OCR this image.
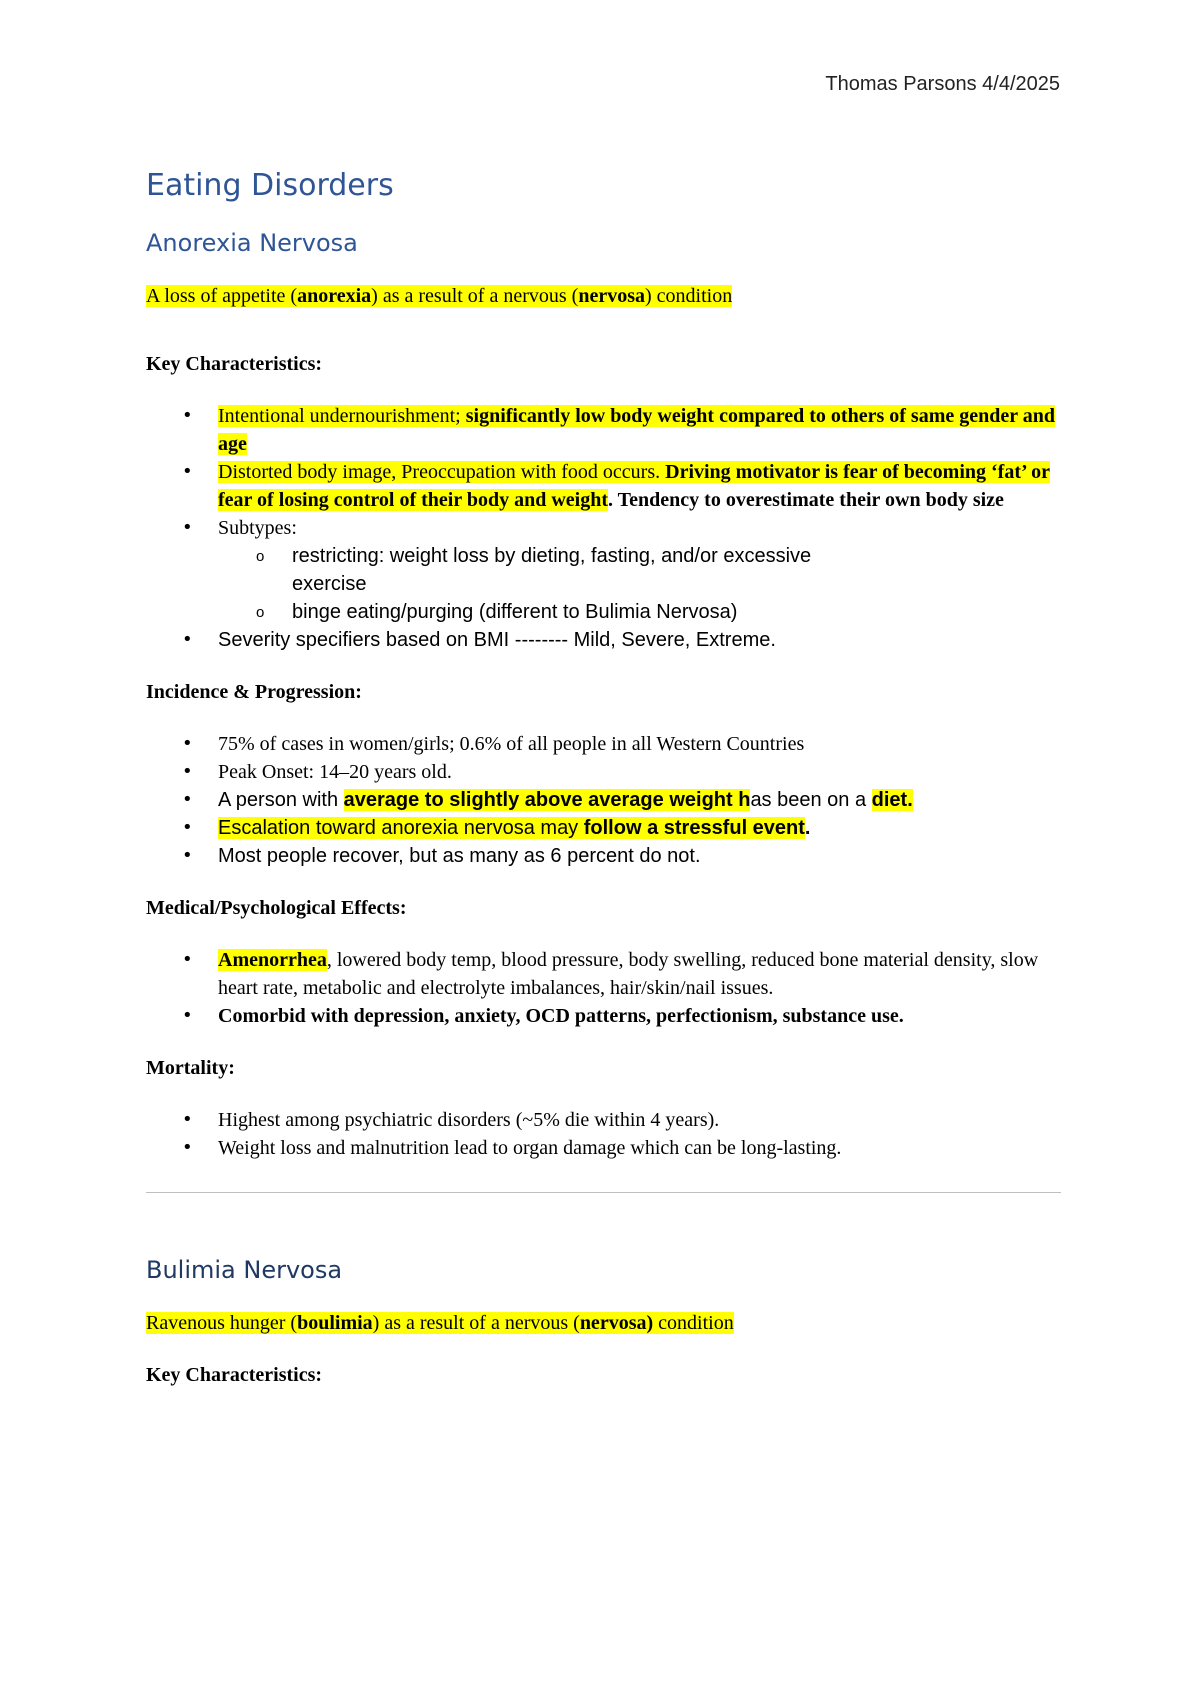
Thomas Parsons 4/4/2025
Eating Disorders
Anorexia Nervosa

A loss of appetite (anorexia) as a result of a nervous (nervosa) condition

Key Characteristics:

• Intentional undernourishment; significantly low body weight compared to others of same gender and age
• Distorted body image, Preoccupation with food occurs. Driving motivator is fear of becoming ‘fat’ or fear of losing control of their body and weight. Tendency to overestimate their own body size
• Subtypes:
o restricting: weight loss by dieting, fasting, and/or excessive exercise
o binge eating/purging (different to Bulimia Nervosa)
• Severity specifiers based on BMI -------- Mild, Severe, Extreme.

Incidence & Progression:

• 75% of cases in women/girls; 0.6% of all people in all Western Countries
• Peak Onset: 14–20 years old.
• A person with average to slightly above average weight has been on a diet.
• Escalation toward anorexia nervosa may follow a stressful event.
• Most people recover, but as many as 6 percent do not.

Medical/Psychological Effects:

• Amenorrhea, lowered body temp, blood pressure, body swelling, reduced bone material density, slow heart rate, metabolic and electrolyte imbalances, hair/skin/nail issues.
• Comorbid with depression, anxiety, OCD patterns, perfectionism, substance use.

Mortality:

• Highest among psychiatric disorders (~5% die within 4 years).
• Weight loss and malnutrition lead to organ damage which can be long-lasting.
Bulimia Nervosa

Ravenous hunger (boulimia) as a result of a nervous (nervosa) condition

Key Characteristics:
